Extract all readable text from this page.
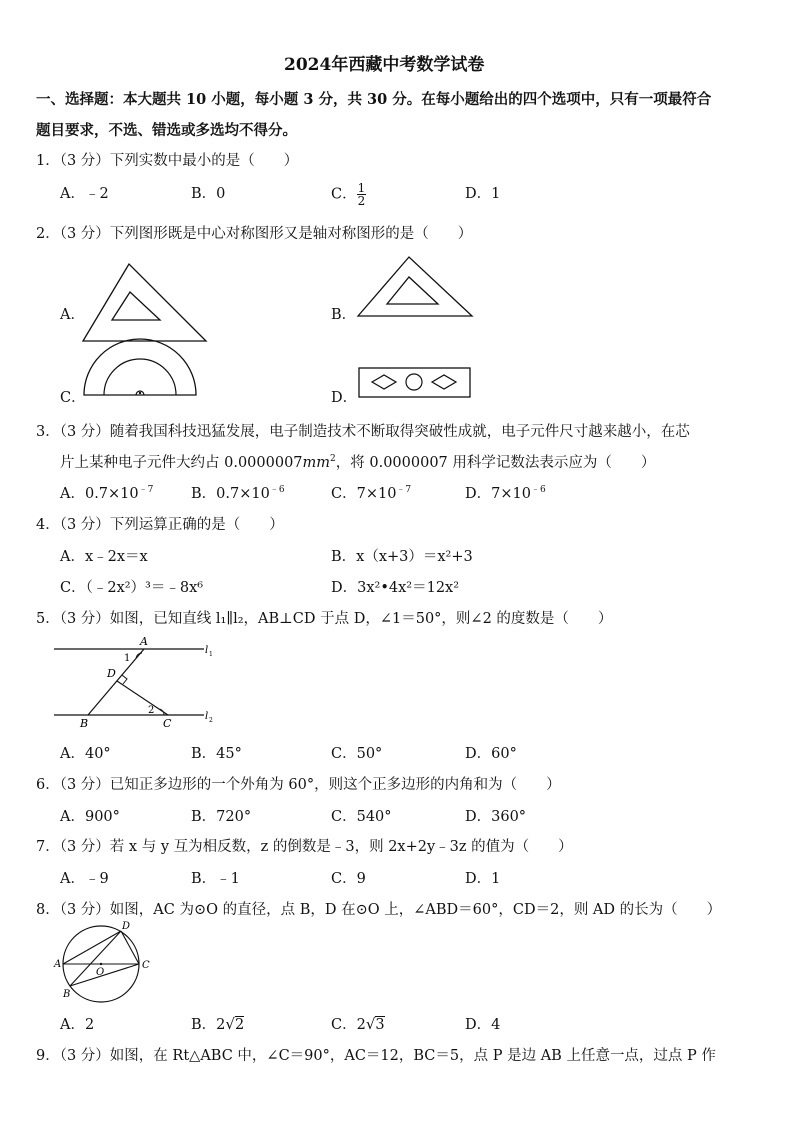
2024年西藏中考数学试卷
一、选择题：本大题共 10 小题，每小题 3 分，共 30 分。在每小题给出的四个选项中，只有一项最符合
题目要求，不选、错选或多选均不得分。
1．（3 分）下列实数中最小的是（　　）
A．﹣2	B．0	C． $\frac{1}{2}$	D．1
2．（3 分）下列图形既是中心对称图形又是轴对称图形的是（　　）
A．	B．
C．	D．
3．（3 分）随着我国科技迅猛发展，电子制造技术不断取得突破性成就，电子元件尺寸越来越小，在芯
片上某种电子元件大约占 $0.0000007mm^2$，将 0.0000007 用科学记数法表示应为（　　）
A．$0.7\times 10^{﹣7}$	B．$0.7\times 10^{﹣6}$	C．$7\times 10^{﹣7}$	D．$7\times 10^{﹣6}$
4．（3 分）下列运算正确的是（　　）
A．x﹣2x＝x	B．x（x+3）＝x²+3
C．（﹣2x²）³＝﹣8x⁶	D．3x²•4x²＝12x²
5．（3 分）如图，已知直线 l₁∥l₂，AB⊥CD 于点 D，∠1＝50°，则∠2 的度数是（　　）
A
1
D
2
B	C
l 1
l 2
A．40°	B．45°	C．50°	D．60°
6．（3 分）已知正多边形的一个外角为 60°，则这个正多边形的内角和为（　　）
A．900°	B．720°	C．540°	D．360°
7．（3 分）若 x 与 y 互为相反数，z 的倒数是﹣3，则 2x+2y﹣3z 的值为（　　）
A．﹣9	B．﹣1	C．9	D．1
8．（3 分）如图，AC 为⊙O 的直径，点 B，D 在⊙O 上，∠ABD＝60°，CD＝2，则 AD 的长为（　　）
A	C
D
B
O
A．2	B．2√2	C．2√3	D．4
9．（3 分）如图，在 Rt△ABC 中，∠C＝90°，AC＝12，BC＝5，点 P 是边 AB 上任意一点，过点 P 作
